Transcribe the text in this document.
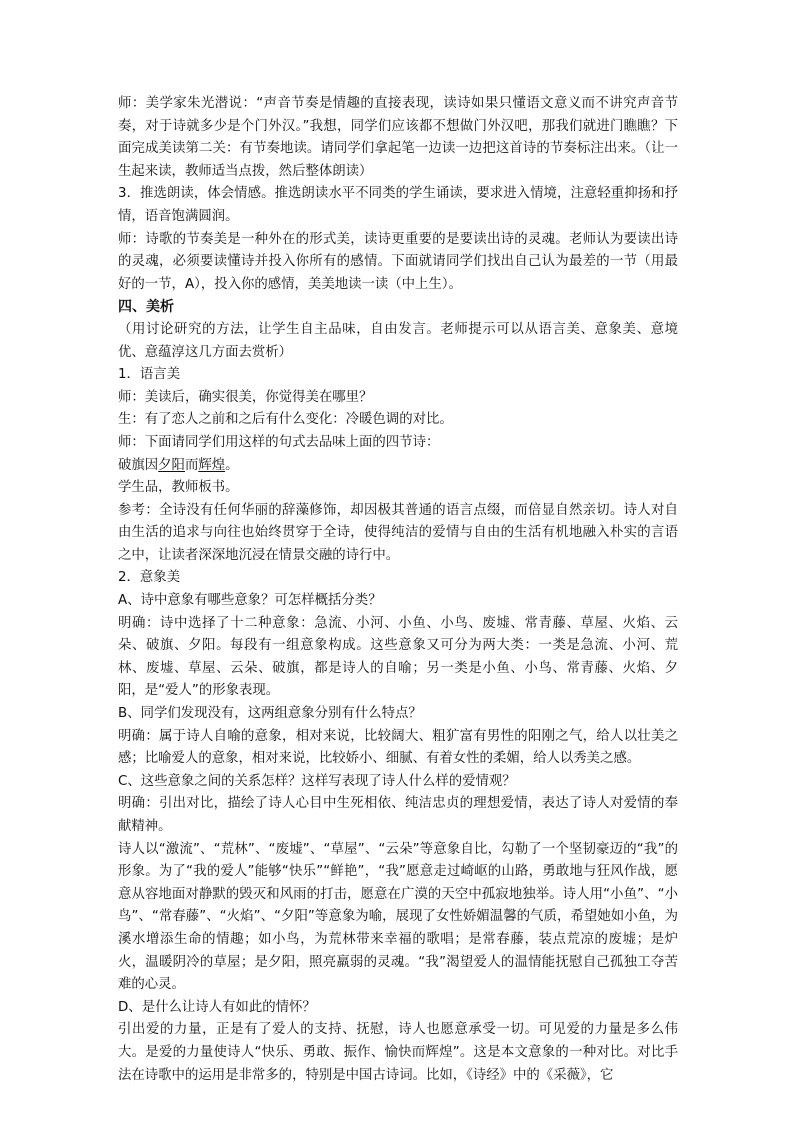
师：美学家朱光潜说：“声音节奏是情趣的直接表现，读诗如果只懂语文意义而不讲究声音节奏，对于诗就多少是个门外汉。”我想，同学们应该都不想做门外汉吧，那我们就进门瞧瞧？下面完成美读第二关：有节奏地读。请同学们拿起笔一边读一边把这首诗的节奏标注出来。（让一生起来读，教师适当点拨，然后整体朗读）

3．推选朗读，体会情感。推选朗读水平不同类的学生诵读，要求进入情境，注意轻重抑扬和抒情，语音饱满圆润。

师：诗歌的节奏美是一种外在的形式美，读诗更重要的是要读出诗的灵魂。老师认为要读出诗的灵魂，必须要读懂诗并投入你所有的感情。下面就请同学们找出自己认为最差的一节（用最好的一节，A），投入你的感情，美美地读一读（中上生）。

四、美析

（用讨论研究的方法，让学生自主品味，自由发言。老师提示可以从语言美、意象美、意境优、意蕴淳这几方面去赏析）

1．语言美

师：美读后，确实很美，你觉得美在哪里？

生：有了恋人之前和之后有什么变化：冷暖色调的对比。

师：下面请同学们用这样的句式去品味上面的四节诗：

破旗因夕阳而辉煌。

学生品，教师板书。

参考：全诗没有任何华丽的辞藻修饰，却因极其普通的语言点缀，而倍显自然亲切。诗人对自由生活的追求与向往也始终贯穿于全诗，使得纯洁的爱情与自由的生活有机地融入朴实的言语之中，让读者深深地沉浸在情景交融的诗行中。

2．意象美

A、诗中意象有哪些意象？可怎样概括分类？

明确：诗中选择了十二种意象：急流、小河、小鱼、小鸟、废墟、常青藤、草屋、火焰、云朵、破旗、夕阳。每段有一组意象构成。这些意象又可分为两大类：一类是急流、小河、荒林、废墟、草屋、云朵、破旗，都是诗人的自喻；另一类是小鱼、小鸟、常青藤、火焰、夕阳，是“爱人”的形象表现。

B、同学们发现没有，这两组意象分别有什么特点？

明确：属于诗人自喻的意象，相对来说，比较阔大、粗犷富有男性的阳刚之气，给人以壮美之感；比喻爱人的意象，相对来说，比较娇小、细腻、有着女性的柔媚，给人以秀美之感。

C、这些意象之间的关系怎样？这样写表现了诗人什么样的爱情观？

明确：引出对比，描绘了诗人心目中生死相依、纯洁忠贞的理想爱情，表达了诗人对爱情的奉献精神。

诗人以“激流”、“荒林”、“废墟”、“草屋”、“云朵”等意象自比，勾勒了一个坚韧豪迈的“我”的形象。为了“我的爱人”能够“快乐”“鲜艳”，“我”愿意走过崎岖的山路，勇敢地与狂风作战，愿意从容地面对静默的毁灭和风雨的打击，愿意在广漠的天空中孤寂地独举。诗人用“小鱼”、“小鸟”、“常春藤”、“火焰”、“夕阳”等意象为喻，展现了女性娇媚温馨的气质，希望她如小鱼，为溪水增添生命的情趣；如小鸟，为荒林带来幸福的歌唱；是常春藤，装点荒凉的废墟；是炉火，温暖阴冷的草屋；是夕阳，照亮羸弱的灵魂。“我”渴望爱人的温情能抚慰自己孤独工夺苦难的心灵。

D、是什么让诗人有如此的情怀？

引出爱的力量，正是有了爱人的支持、抚慰，诗人也愿意承受一切。可见爱的力量是多么伟大。是爱的力量使诗人“快乐、勇敢、振作、愉快而辉煌”。这是本文意象的一种对比。对比手法在诗歌中的运用是非常多的，特别是中国古诗词。比如，《诗经》中的《采薇》，它
